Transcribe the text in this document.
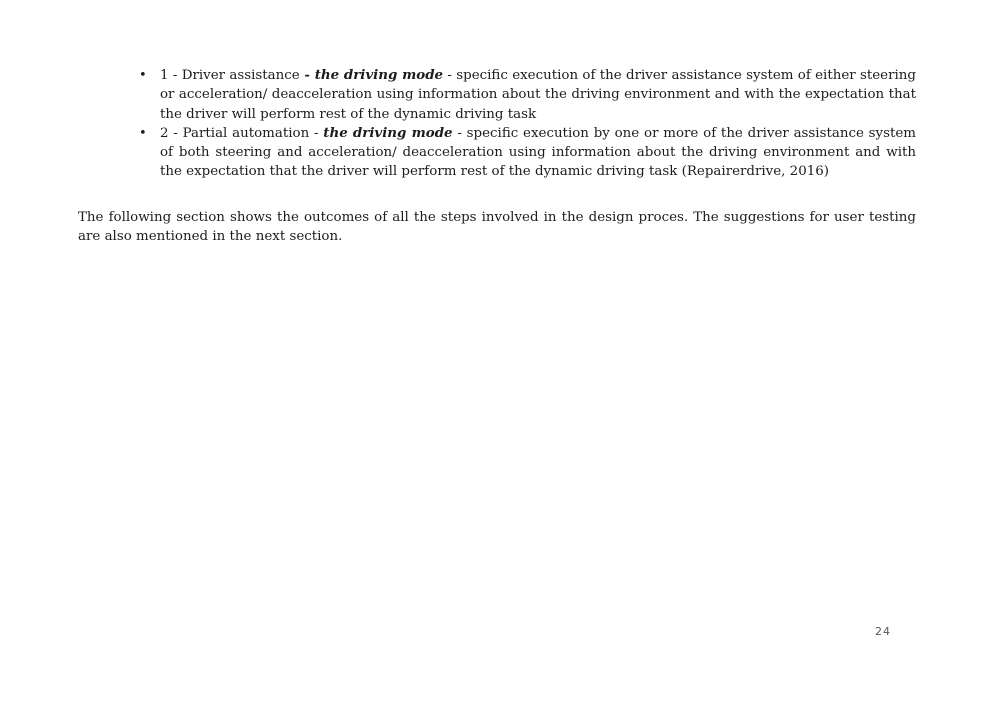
• 1 - Driver assistance - the driving mode - specific execution of the driver assistance system of either steering or acceleration/ deacceleration using information about the driving environment and with the expectation that the driver will perform rest of the dynamic driving task
• 2 - Partial automation - the driving mode - specific execution by one or more of the driver assistance system of both steering and acceleration/ deacceleration using information about the driving environment and with the expectation that the driver will perform rest of the dynamic driving task (Repairerdrive, 2016)

The following section shows the outcomes of all the steps involved in the design proces. The suggestions for user testing are also mentioned in the next section.

24
